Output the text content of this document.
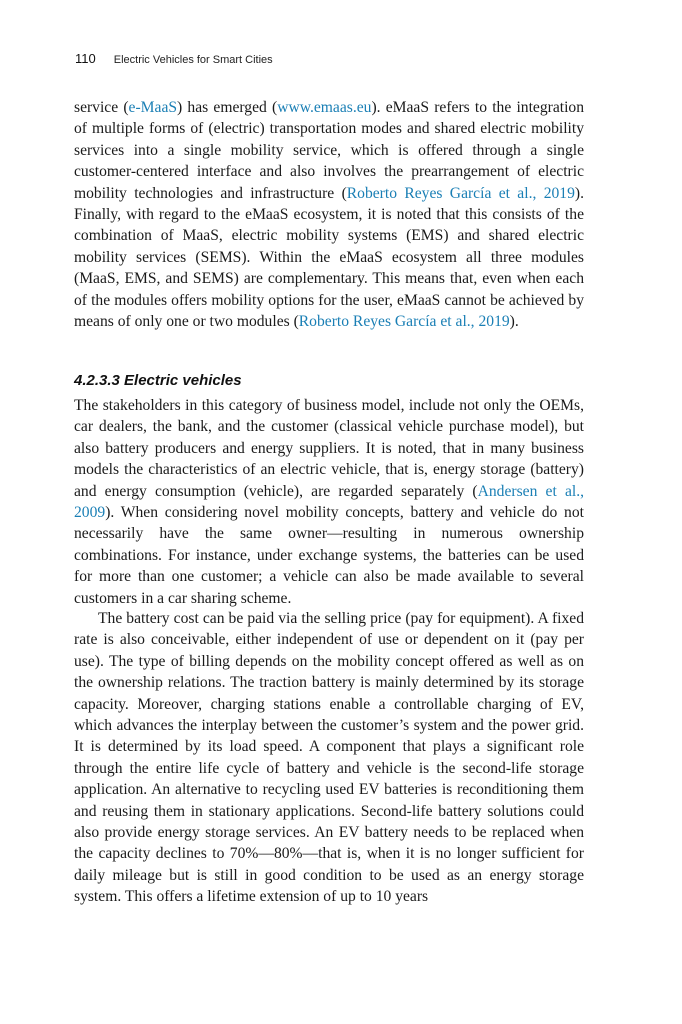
110 Electric Vehicles for Smart Cities

service (e-MaaS) has emerged (www.emaas.eu). eMaaS refers to the integration of multiple forms of (electric) transportation modes and shared electric mobility services into a single mobility service, which is offered through a single customer-centered interface and also involves the prearrangement of electric mobility technologies and infrastructure (Roberto Reyes García et al., 2019). Finally, with regard to the eMaaS ecosystem, it is noted that this consists of the combination of MaaS, electric mobility systems (EMS) and shared electric mobility services (SEMS). Within the eMaaS ecosystem all three modules (MaaS, EMS, and SEMS) are complementary. This means that, even when each of the modules offers mobility options for the user, eMaaS cannot be achieved by means of only one or two modules (Roberto Reyes García et al., 2019).

4.2.3.3 Electric vehicles

The stakeholders in this category of business model, include not only the OEMs, car dealers, the bank, and the customer (classical vehicle purchase model), but also battery producers and energy suppliers. It is noted, that in many business models the characteristics of an electric vehicle, that is, energy storage (battery) and energy consumption (vehicle), are regarded separately (Andersen et al., 2009). When considering novel mobility concepts, battery and vehicle do not necessarily have the same owner—resulting in numerous ownership combinations. For instance, under exchange systems, the batteries can be used for more than one customer; a vehicle can also be made available to several customers in a car sharing scheme.

The battery cost can be paid via the selling price (pay for equipment). A fixed rate is also conceivable, either independent of use or dependent on it (pay per use). The type of billing depends on the mobility concept offered as well as on the ownership relations. The traction battery is mainly determined by its storage capacity. Moreover, charging stations enable a controllable charging of EV, which advances the interplay between the customer’s system and the power grid. It is determined by its load speed. A component that plays a significant role through the entire life cycle of battery and vehicle is the second-life storage application. An alternative to recycling used EV batteries is reconditioning them and reusing them in stationary applications. Second-life battery solutions could also provide energy storage services. An EV battery needs to be replaced when the capacity declines to 70%—80%—that is, when it is no longer sufficient for daily mileage but is still in good condition to be used as an energy storage system. This offers a lifetime extension of up to 10 years
